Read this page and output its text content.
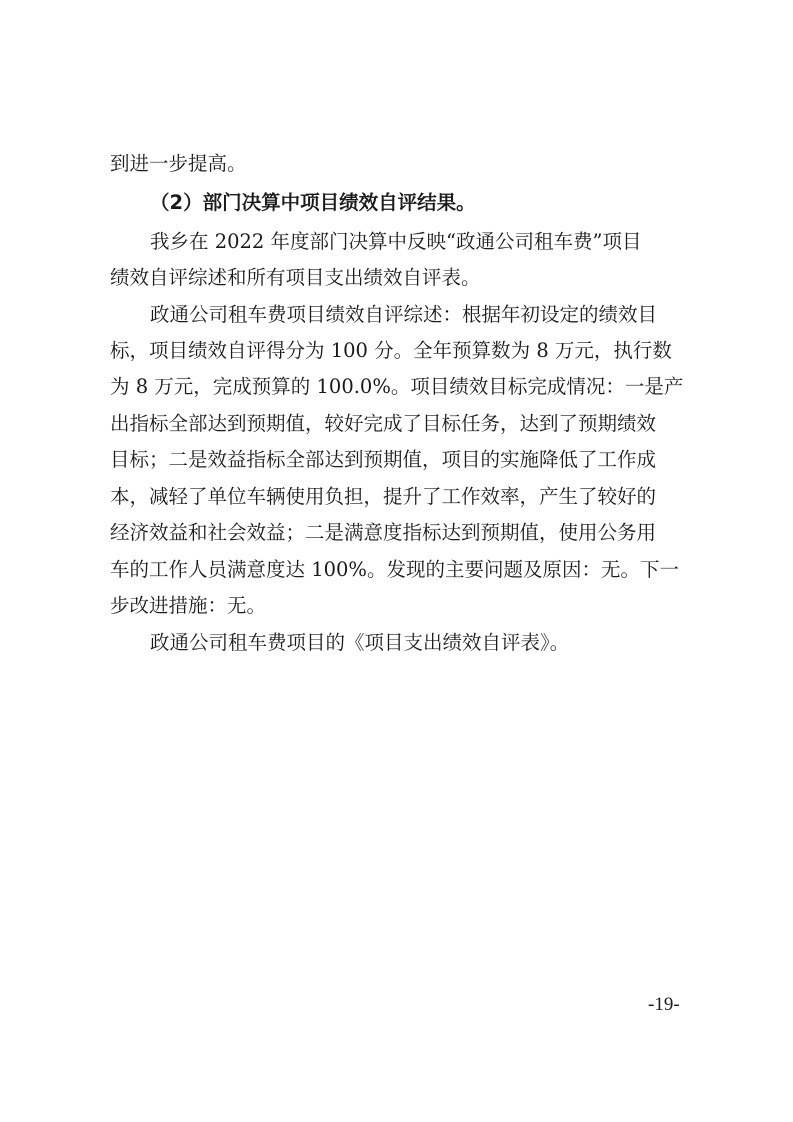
到进一步提高。
（2）部门决算中项目绩效自评结果。
我乡在 2022 年度部门决算中反映“政通公司租车费”项目
绩效自评综述和所有项目支出绩效自评表。
政通公司租车费项目绩效自评综述：根据年初设定的绩效目
标，项目绩效自评得分为 100 分。全年预算数为 8 万元，执行数
为 8 万元，完成预算的 100.0%。项目绩效目标完成情况：一是产
出指标全部达到预期值，较好完成了目标任务，达到了预期绩效
目标；二是效益指标全部达到预期值，项目的实施降低了工作成
本，减轻了单位车辆使用负担，提升了工作效率，产生了较好的
经济效益和社会效益；二是满意度指标达到预期值，使用公务用
车的工作人员满意度达 100%。发现的主要问题及原因：无。下一
步改进措施：无。
政通公司租车费项目的《项目支出绩效自评表》。
-19-
